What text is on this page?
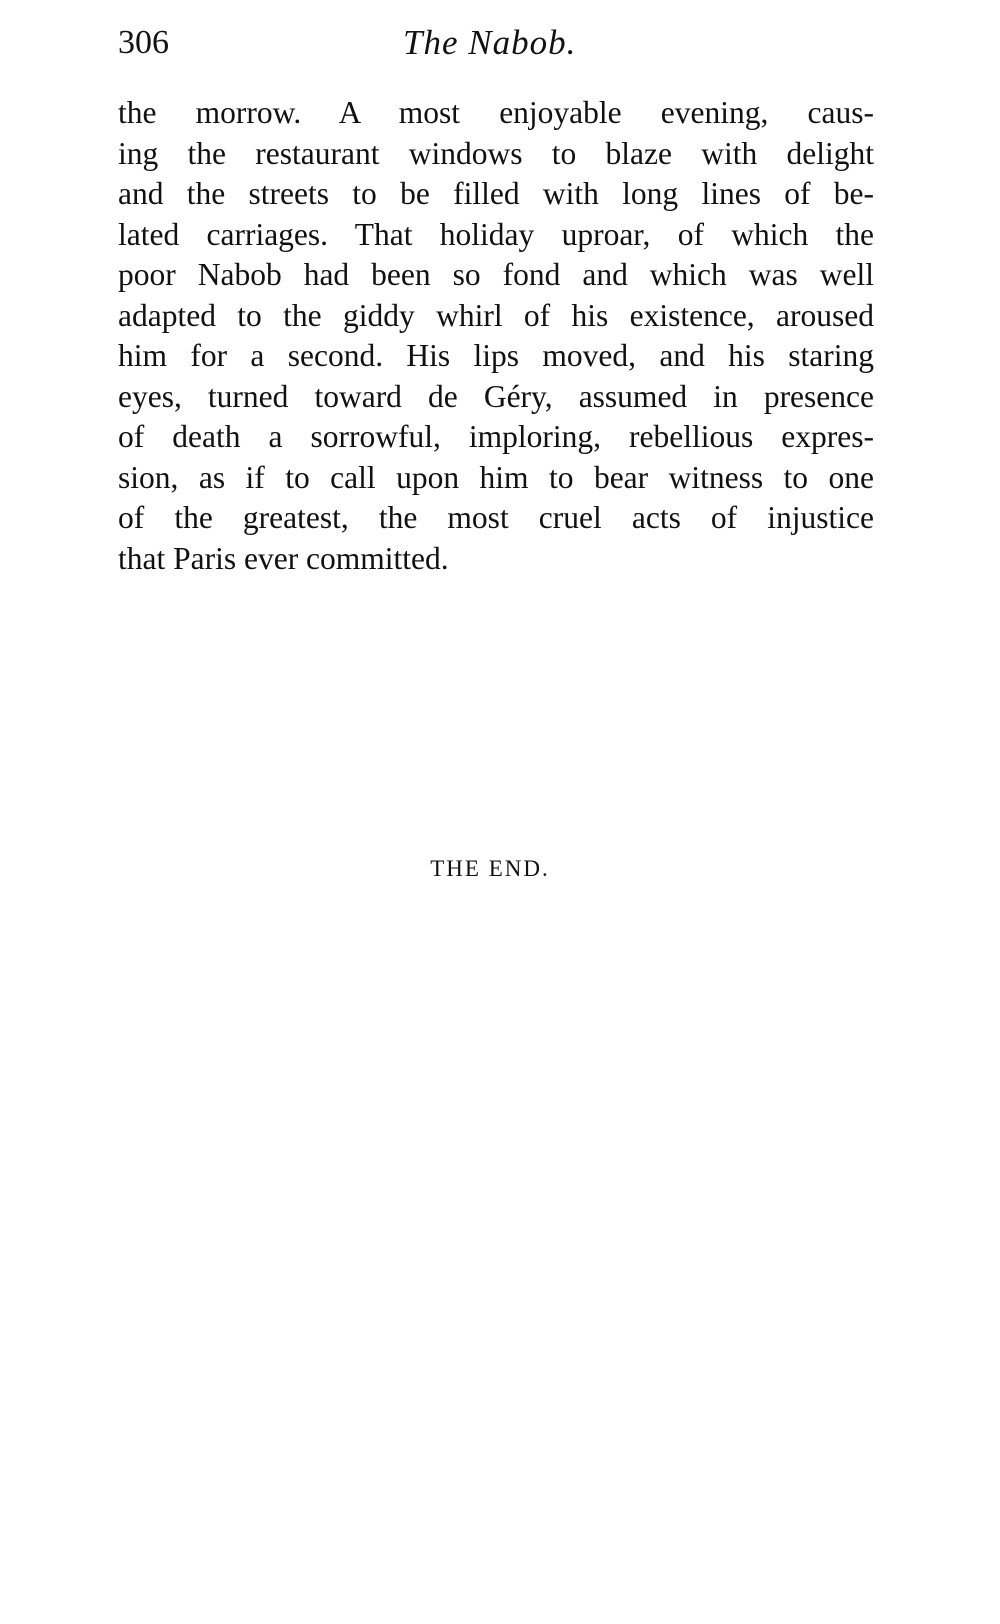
306	The Nabob.

the morrow. A most enjoyable evening, caus-
ing the restaurant windows to blaze with delight
and the streets to be filled with long lines of be-
lated carriages. That holiday uproar, of which the
poor Nabob had been so fond and which was well
adapted to the giddy whirl of his existence, aroused
him for a second. His lips moved, and his staring
eyes, turned toward de Géry, assumed in presence
of death a sorrowful, imploring, rebellious expres-
sion, as if to call upon him to bear witness to one
of the greatest, the most cruel acts of injustice
that Paris ever committed.

THE END.
